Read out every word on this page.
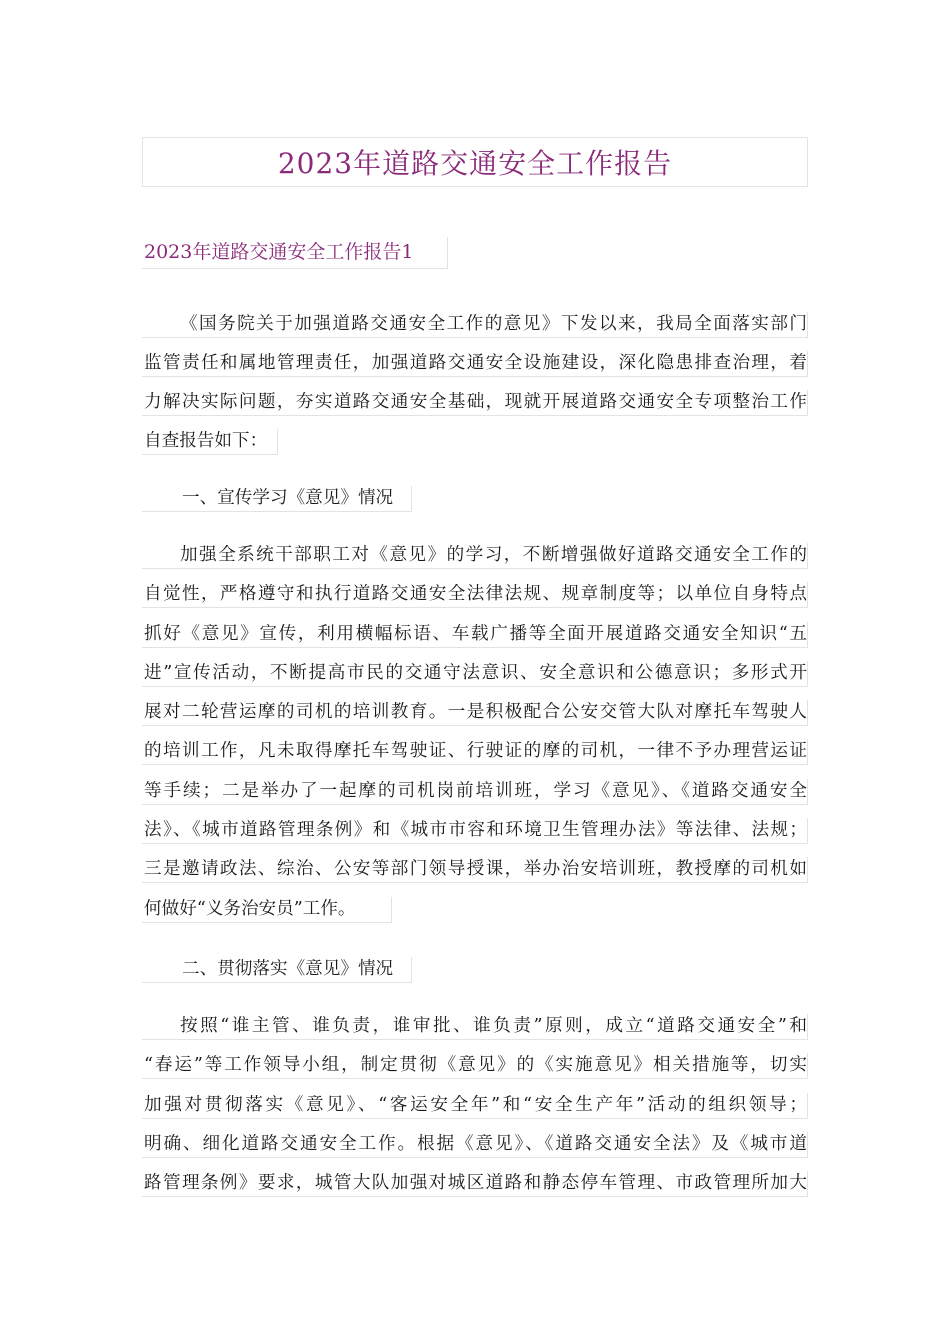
2023年道路交通安全工作报告
2023年道路交通安全工作报告1
《国务院关于加强道路交通安全工作的意见》下发以来，我局全面落实部门
监管责任和属地管理责任，加强道路交通安全设施建设，深化隐患排查治理，着
力解决实际问题，夯实道路交通安全基础，现就开展道路交通安全专项整治工作
自查报告如下：
一、宣传学习《意见》情况
加强全系统干部职工对《意见》的学习，不断增强做好道路交通安全工作的
自觉性，严格遵守和执行道路交通安全法律法规、规章制度等；以单位自身特点
抓好《意见》宣传，利用横幅标语、车载广播等全面开展道路交通安全知识“五
进”宣传活动，不断提高市民的交通守法意识、安全意识和公德意识；多形式开
展对二轮营运摩的司机的培训教育。一是积极配合公安交管大队对摩托车驾驶人
的培训工作，凡未取得摩托车驾驶证、行驶证的摩的司机，一律不予办理营运证
等手续；二是举办了一起摩的司机岗前培训班，学习《意见》、《道路交通安全
法》、《城市道路管理条例》和《城市市容和环境卫生管理办法》等法律、法规；
三是邀请政法、综治、公安等部门领导授课，举办治安培训班，教授摩的司机如
何做好“义务治安员”工作。
二、贯彻落实《意见》情况
按照“谁主管、谁负责，谁审批、谁负责”原则，成立“道路交通安全”和
“春运”等工作领导小组，制定贯彻《意见》的《实施意见》相关措施等，切实
加强对贯彻落实《意见》、“客运安全年”和“安全生产年”活动的组织领导；
明确、细化道路交通安全工作。根据《意见》、《道路交通安全法》及《城市道
路管理条例》要求，城管大队加强对城区道路和静态停车管理、市政管理所加大
